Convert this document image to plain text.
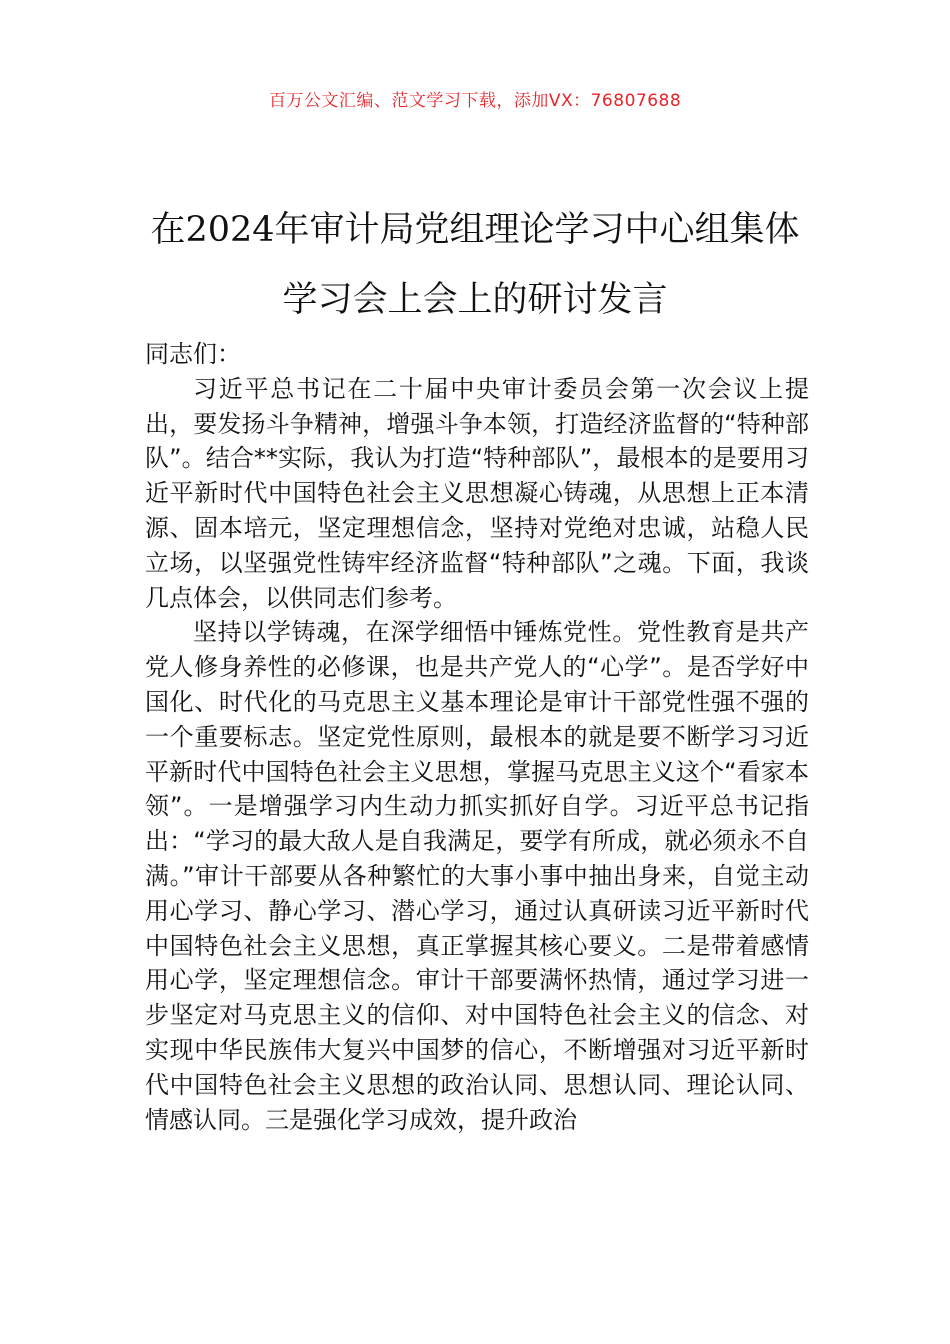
百万公文汇编、范文学习下载，添加VX：76807688
在2024年审计局党组理论学习中心组集体
学习会上会上的研讨发言

同志们：

习近平总书记在二十届中央审计委员会第一次会议上提出，要发扬斗争精神，增强斗争本领，打造经济监督的“特种部队”。结合**实际，我认为打造“特种部队”，最根本的是要用习近平新时代中国特色社会主义思想凝心铸魂，从思想上正本清源、固本培元，坚定理想信念，坚持对党绝对忠诚，站稳人民立场，以坚强党性铸牢经济监督“特种部队”之魂。下面，我谈几点体会，以供同志们参考。

坚持以学铸魂，在深学细悟中锤炼党性。党性教育是共产党人修身养性的必修课，也是共产党人的“心学”。是否学好中国化、时代化的马克思主义基本理论是审计干部党性强不强的一个重要标志。坚定党性原则，最根本的就是要不断学习习近平新时代中国特色社会主义思想，掌握马克思主义这个“看家本领”。一是增强学习内生动力抓实抓好自学。习近平总书记指出：“学习的最大敌人是自我满足，要学有所成，就必须永不自满。”审计干部要从各种繁忙的大事小事中抽出身来，自觉主动用心学习、静心学习、潜心学习，通过认真研读习近平新时代中国特色社会主义思想，真正掌握其核心要义。二是带着感情用心学，坚定理想信念。审计干部要满怀热情，通过学习进一步坚定对马克思主义的信仰、对中国特色社会主义的信念、对实现中华民族伟大复兴中国梦的信心，不断增强对习近平新时代中国特色社会主义思想的政治认同、思想认同、理论认同、情感认同。三是强化学习成效，提升政治
